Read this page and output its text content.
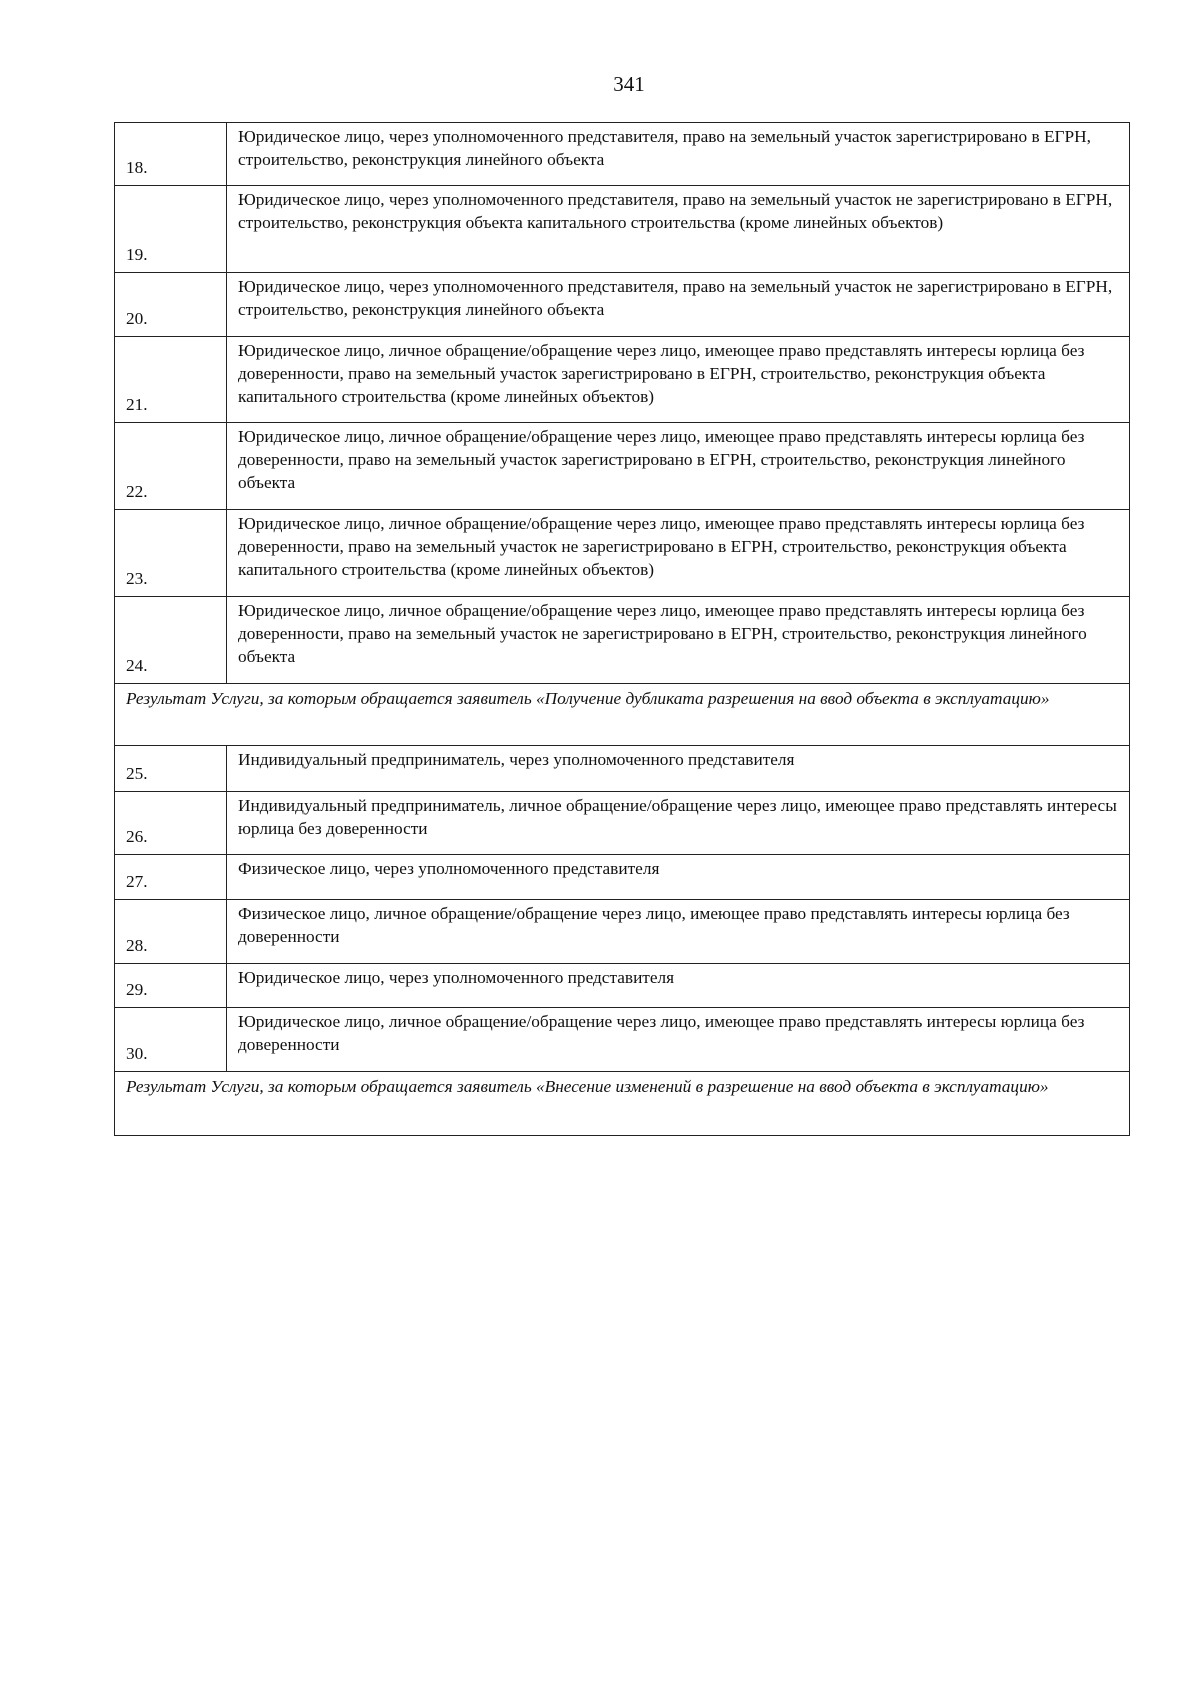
341
18.	Юридическое лицо, через уполномоченного представителя, право на земельный участок зарегистрировано в ЕГРН, строительство, реконструкция линейного объекта

19.	Юридическое лицо, через уполномоченного представителя, право на земельный участок не зарегистрировано в ЕГРН, строительство, реконструкция объекта капитального строительства (кроме линейных объектов)

20.	Юридическое лицо, через уполномоченного представителя, право на земельный участок не зарегистрировано в ЕГРН, строительство, реконструкция линейного объекта

21.	Юридическое лицо, личное обращение/обращение через лицо, имеющее право представлять интересы юрлица без доверенности, право на земельный участок зарегистрировано в ЕГРН, строительство, реконструкция объекта капитального строительства (кроме линейных объектов)

22.	Юридическое лицо, личное обращение/обращение через лицо, имеющее право представлять интересы юрлица без доверенности, право на земельный участок зарегистрировано в ЕГРН, строительство, реконструкция линейного объекта

23.	Юридическое лицо, личное обращение/обращение через лицо, имеющее право представлять интересы юрлица без доверенности, право на земельный участок не зарегистрировано в ЕГРН, строительство, реконструкция объекта капитального строительства (кроме линейных объектов)

24.	Юридическое лицо, личное обращение/обращение через лицо, имеющее право представлять интересы юрлица без доверенности, право на земельный участок не зарегистрировано в ЕГРН, строительство, реконструкция линейного объекта
Результат Услуги, за которым обращается заявитель «Получение дубликата разрешения на ввод объекта в эксплуатацию»	

25.	Индивидуальный предприниматель, через уполномоченного представителя

26.	Индивидуальный предприниматель, личное обращение/обращение через лицо, имеющее право представлять интересы юрлица без доверенности

27.	Физическое лицо, через уполномоченного представителя

28.	Физическое лицо, личное обращение/обращение через лицо, имеющее право представлять интересы юрлица без доверенности

29.	Юридическое лицо, через уполномоченного представителя

30.	Юридическое лицо, личное обращение/обращение через лицо, имеющее право представлять интересы юрлица без доверенности
Результат Услуги, за которым обращается заявитель «Внесение изменений в разрешение на ввод объекта в эксплуатацию»	
